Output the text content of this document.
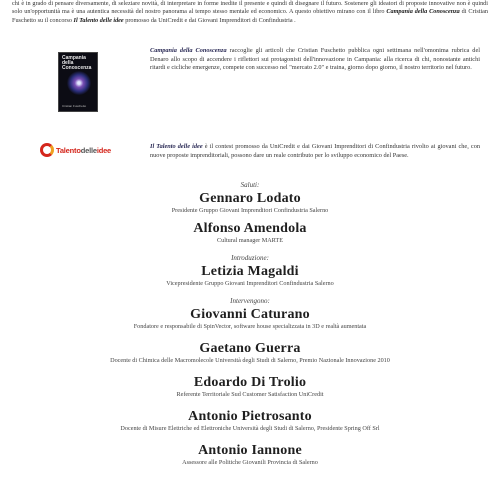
chi è in grado di pensare diversamente, di seleziare novità, di interpretare in forme inedite il presente e quindi di disegnare il futuro. Sostenere gli ideatori di proposte innovative non è quindi solo un'opportunità ma è una autentica necessità del nostro panorama al tempo stesso mentale ed economico. A questo obiettivo mirano con il libro Campania della Conoscenza di Cristian Fuschetto su il concorso Il Talento delle idee promosso da UniCredit e dai Giovani Imprenditori di Confindustria .
Campania della Conoscenza
Cristian Fuschetto
Campania della Conoscenza raccoglie gli articoli che Cristian Fuschetto pubblica ogni settimana nell'omonima rubrica del Denaro allo scopo di accendere i riflettori sui protagonisti dell'innovazione in Campania: alla ricerca di chi, nonostante antichi ritardi e cicliche emergenze, compete con successo nel "mercato 2.0" e traina, giorno dopo giorno, il nostro territorio nel futuro.
Talentodelleidee	Il Talento delle idee è il contest promosso da UniCredit e dai Giovani Imprenditori di Confindustria rivolto ai giovani che, con nuove proposte imprenditoriali, possono dare un reale contributo per lo sviluppo economico del Paese.
Saluti:
Gennaro Lodato
Presidente Gruppo Giovani Imprenditori Confindustria Salerno
Alfonso Amendola
Cultural manager MARTE
Introduzione:
Letizia Magaldi
Vicepresidente Gruppo Giovani Imprenditori Confindustria Salerno
Intervengono:
Giovanni Caturano
Fondatore e responsabile di SpinVector, software house specializzata in 3D e realtà aumentata
Gaetano Guerra
Docente di Chimica delle Macromolecole Università degli Studi di Salerno, Premio Nazionale Innovazione 2010
Edoardo Di Trolio
Referente Territoriale Sud Customer Satisfaction UniCredit
Antonio Pietrosanto
Docente di Misure Elettriche ed Elettroniche Università degli Studi di Salerno, Presidente Spring Off Srl
Antonio Iannone
Assessore alle Politiche Giovanili Provincia di Salerno
